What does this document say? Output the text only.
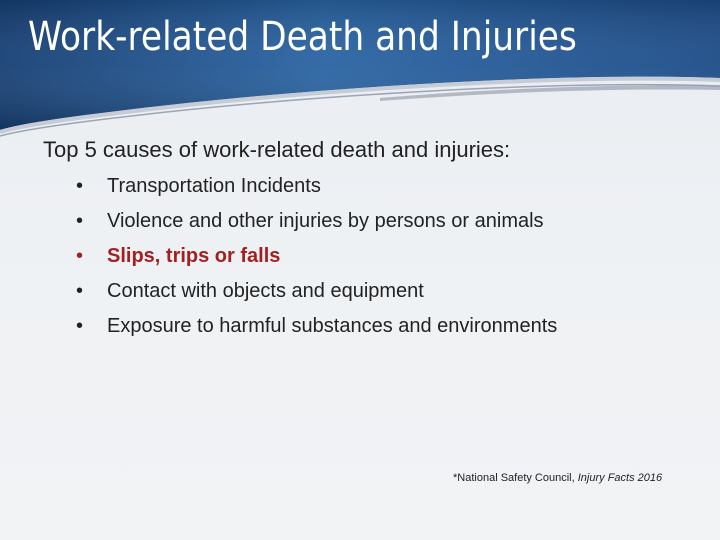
Work-related Death and Injuries

Top 5 causes of work-related death and injuries:

• Transportation Incidents
• Violence and other injuries by persons or animals
• Slips, trips or falls
• Contact with objects and equipment
• Exposure to harmful substances and environments
*National Safety Council, Injury Facts 2016
